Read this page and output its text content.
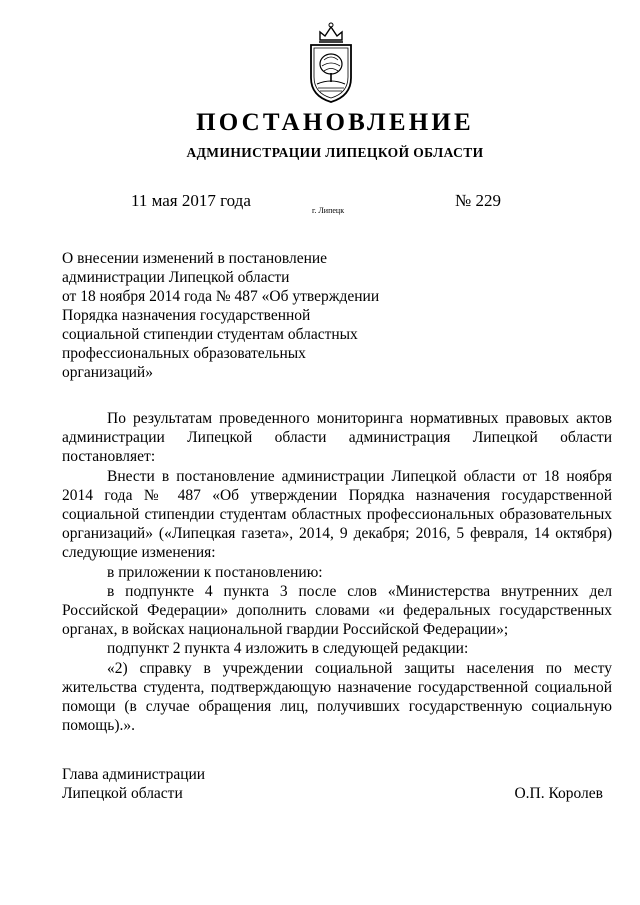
ПОСТАНОВЛЕНИЕ
АДМИНИСТРАЦИИ ЛИПЕЦКОЙ ОБЛАСТИ
11 мая 2017 года
г. Липецк
№ 229
О внесении изменений в постановление
администрации Липецкой области
от 18 ноября 2014 года № 487 «Об утверждении
Порядка назначения государственной
социальной стипендии студентам областных
профессиональных образовательных
организаций»

По результатам проведенного мониторинга нормативных правовых актов администрации Липецкой области администрация Липецкой области постановляет:

Внести в постановление администрации Липецкой области от 18 ноября 2014 года № 487 «Об утверждении Порядка назначения государственной социальной стипендии студентам областных профессиональных образовательных организаций» («Липецкая газета», 2014, 9 декабря; 2016, 5 февраля, 14 октября) следующие изменения:

в приложении к постановлению:

в подпункте 4 пункта 3 после слов «Министерства внутренних дел Российской Федерации» дополнить словами «и федеральных государственных органах, в войсках национальной гвардии Российской Федерации»;

подпункт 2 пункта 4 изложить в следующей редакции:

«2) справку в учреждении социальной защиты населения по месту жительства студента, подтверждающую назначение государственной социальной помощи (в случае обращения лиц, получивших государственную социальную помощь).».

Глава администрации
Липецкой области	О.П. Королев
